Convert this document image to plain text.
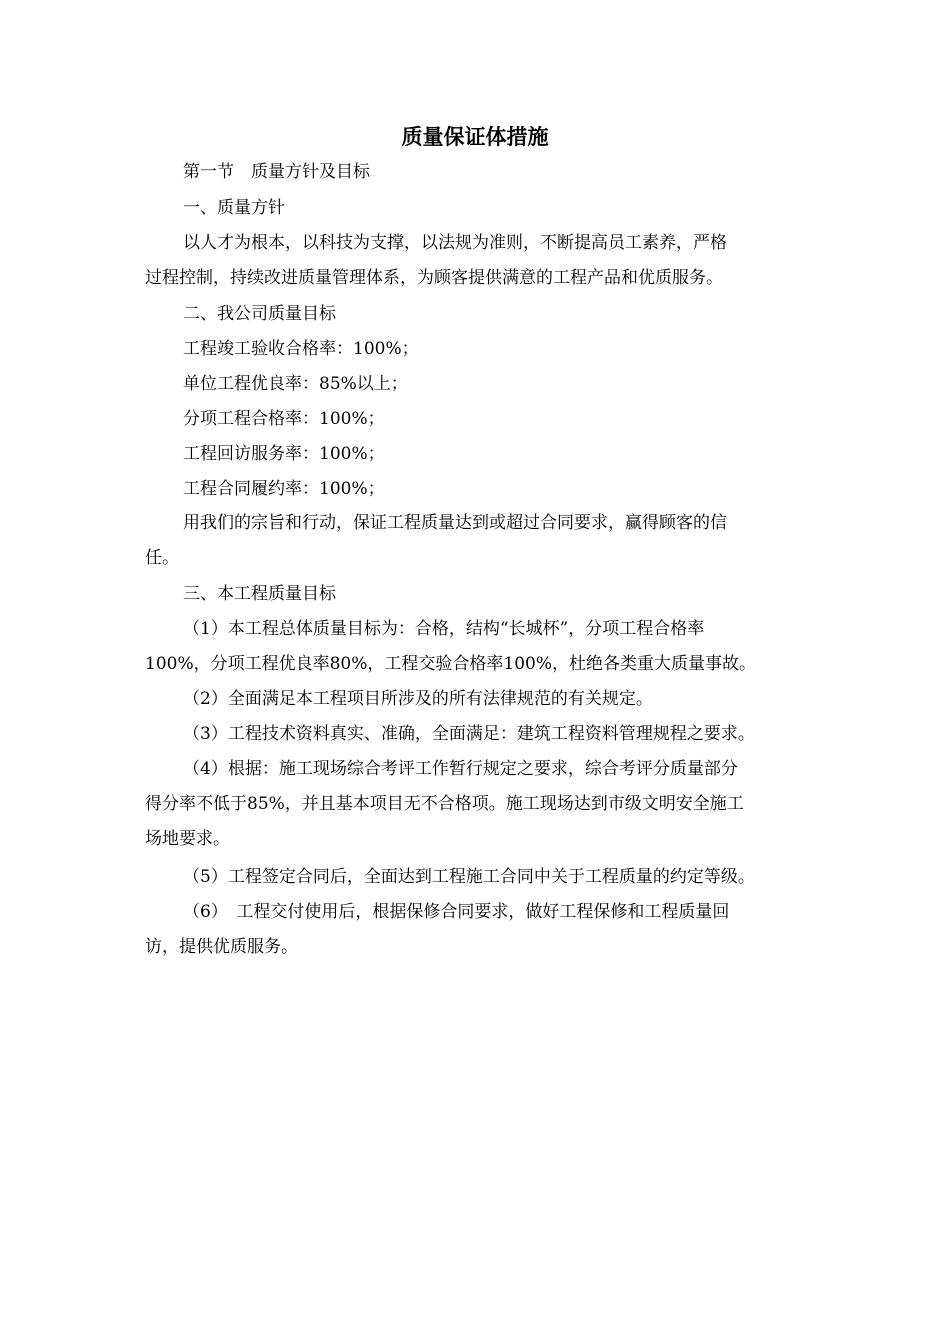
质量保证体措施
第一节　质量方针及目标
一、质量方针
以人才为根本，以科技为支撑，以法规为准则，不断提高员工素养，严格
过程控制，持续改进质量管理体系，为顾客提供满意的工程产品和优质服务。
二、我公司质量目标
工程竣工验收合格率：100%；
单位工程优良率：85%以上；
分项工程合格率：100%；
工程回访服务率：100%；
工程合同履约率：100%；
用我们的宗旨和行动，保证工程质量达到或超过合同要求，赢得顾客的信
任。
三、本工程质量目标
（1）本工程总体质量目标为：合格，结构“长城杯”，分项工程合格率
100%，分项工程优良率80%，工程交验合格率100%，杜绝各类重大质量事故。
（2）全面满足本工程项目所涉及的所有法律规范的有关规定。
（3）工程技术资料真实、准确，全面满足：建筑工程资料管理规程之要求。
（4）根据：施工现场综合考评工作暂行规定之要求，综合考评分质量部分
得分率不低于85%，并且基本项目无不合格项。施工现场达到市级文明安全施工
场地要求。
（5）工程签定合同后，全面达到工程施工合同中关于工程质量的约定等级。
（6）　工程交付使用后，根据保修合同要求，做好工程保修和工程质量回
访，提供优质服务。
